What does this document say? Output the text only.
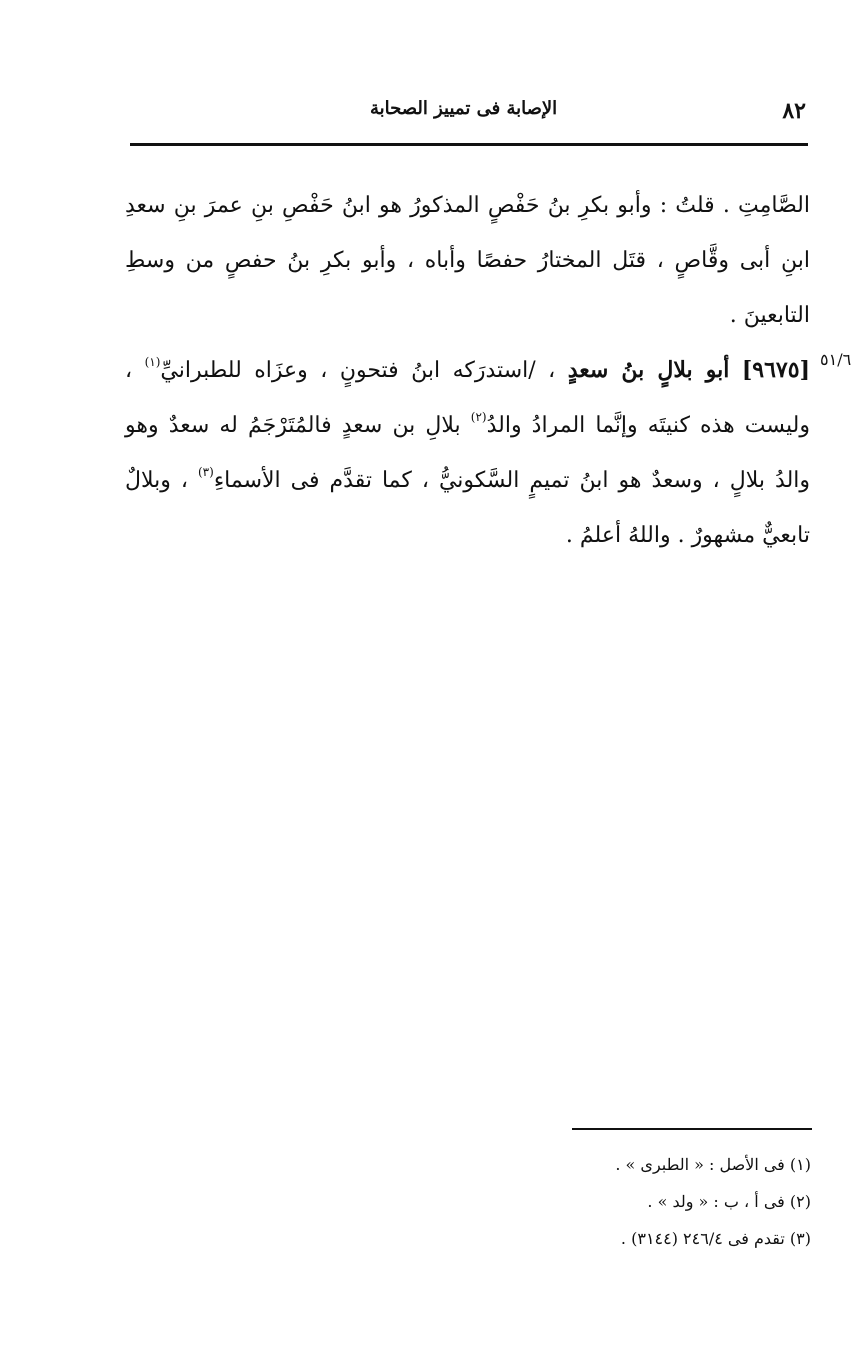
٨٢
الإصابة فى تمييز الصحابة
٥١/٦

الصَّامِتِ . قلتُ : وأبو بكرِ بنُ حَفْصٍ المذكورُ هو ابنُ حَفْصِ بنِ عمرَ بنِ سعدِ ابنِ أبى وقَّاصٍ ، قتَل المختارُ حفصًا وأباه ، وأبو بكرِ بنُ حفصٍ من وسطِ التابعينَ .

[٩٦٧٥] أبو بلالٍ بنُ سعدٍ ، /استدرَكه ابنُ فتحونٍ ، وعزَاه للطبرانيِّ$^{(١)}$ ، وليست هذه كنيتَه وإنَّما المرادُ والدُ$^{(٢)}$ بلالِ بن سعدٍ فالمُتَرْجَمُ له سعدٌ وهو والدُ بلالٍ ، وسعدٌ هو ابنُ تميمٍ السَّكونيُّ ، كما تقدَّم فى الأسماءِ$^{(٣)}$ ، وبلالٌ تابعيٌّ مشهورٌ . واللهُ أعلمُ .

(١) فى الأصل : « الطبرى » .

(٢) فى أ ، ب : « ولد » .

(٣) تقدم فى ٢٤٦/٤ (٣١٤٤) .
